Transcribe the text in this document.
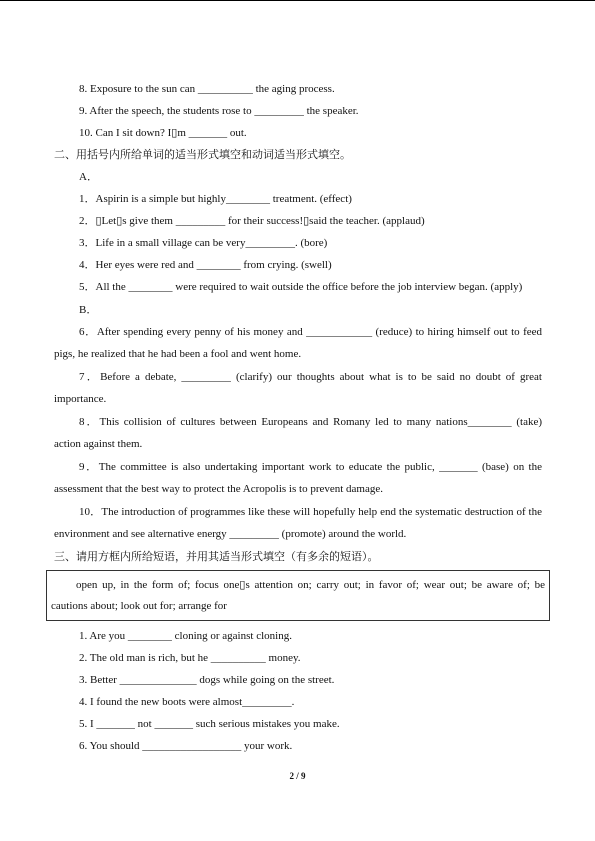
8. Exposure to the sun can __________ the aging process.
9. After the speech, the students rose to _________ the speaker.
10. Can I sit down? I▯m _______ out.
二、用括号内所给单词的适当形式填空和动词适当形式填空。
A．
1．Aspirin is a simple but highly________ treatment. (effect)
2．▯Let▯s give them _________ for their success!▯said the teacher. (applaud)
3．Life in a small village can be very_________. (bore)
4．Her eyes were red and ________ from crying. (swell)
5．All the ________ were required to wait outside the office before the job interview began. (apply)
B．
6．After spending every penny of his money and ____________ (reduce) to hiring himself out to feed pigs, he realized that he had been a fool and went home.
7．Before a debate, _________ (clarify) our thoughts about what is to be said no doubt of great importance.
8．This collision of cultures between Europeans and Romany led to many nations________ (take) action against them.
9．The committee is also undertaking important work to educate the public, _______ (base) on the assessment that the best way to protect the Acropolis is to prevent damage.
10．The introduction of programmes like these will hopefully help end the systematic destruction of the environment and see alternative energy _________ (promote) around the world.
三、请用方框内所给短语，并用其适当形式填空（有多余的短语）。
open up, in the form of; focus one▯s attention on; carry out; in favor of; wear out; be aware of; be cautions about; look out for; arrange for
1. Are you ________ cloning or against cloning.
2. The old man is rich, but he __________ money.
3. Better ______________ dogs while going on the street.
4. I found the new boots were almost_________.
5. I _______ not _______ such serious mistakes you make.
6. You should __________________ your work.
2 / 9
